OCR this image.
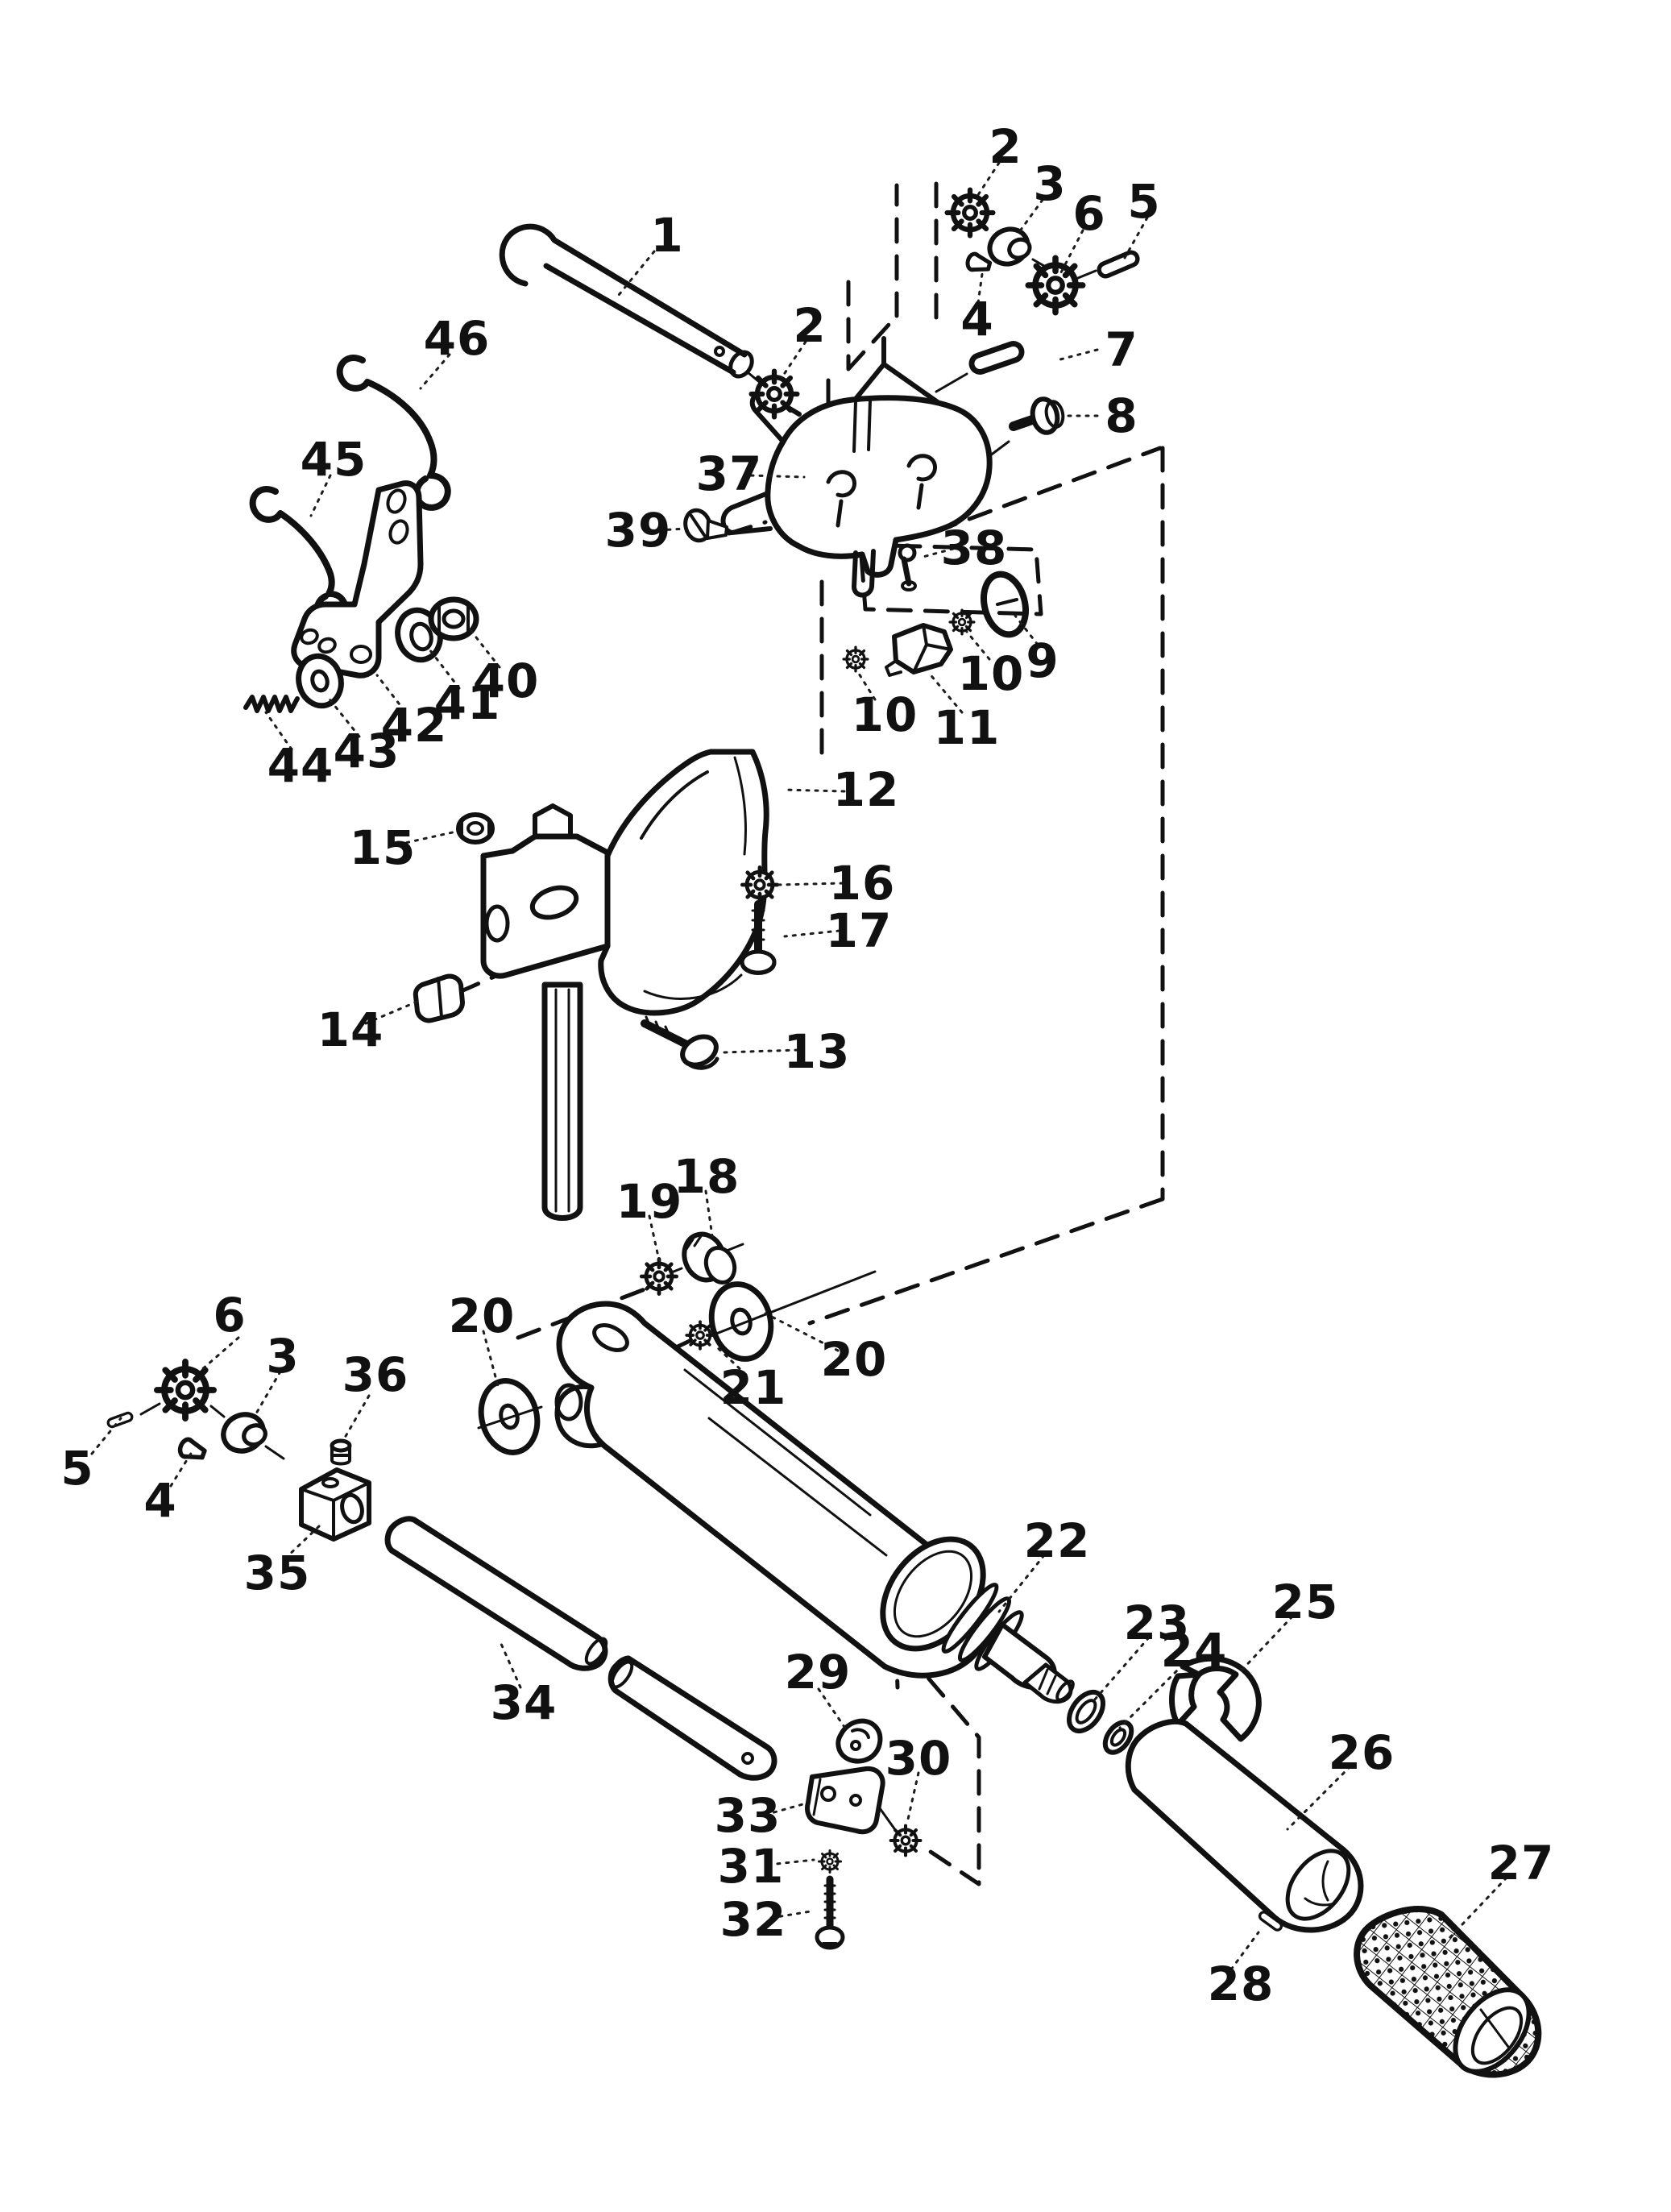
1
2
3
6 5
4
7
8
2
46
45	37
39	38
9
10
10 11
40
41
42
43
44	12
15
16
17
14	13
18
19
20
20
21
6
3 36
5
4
35
22
23
24
25
34
29
30	26
27
28
33
31
32
